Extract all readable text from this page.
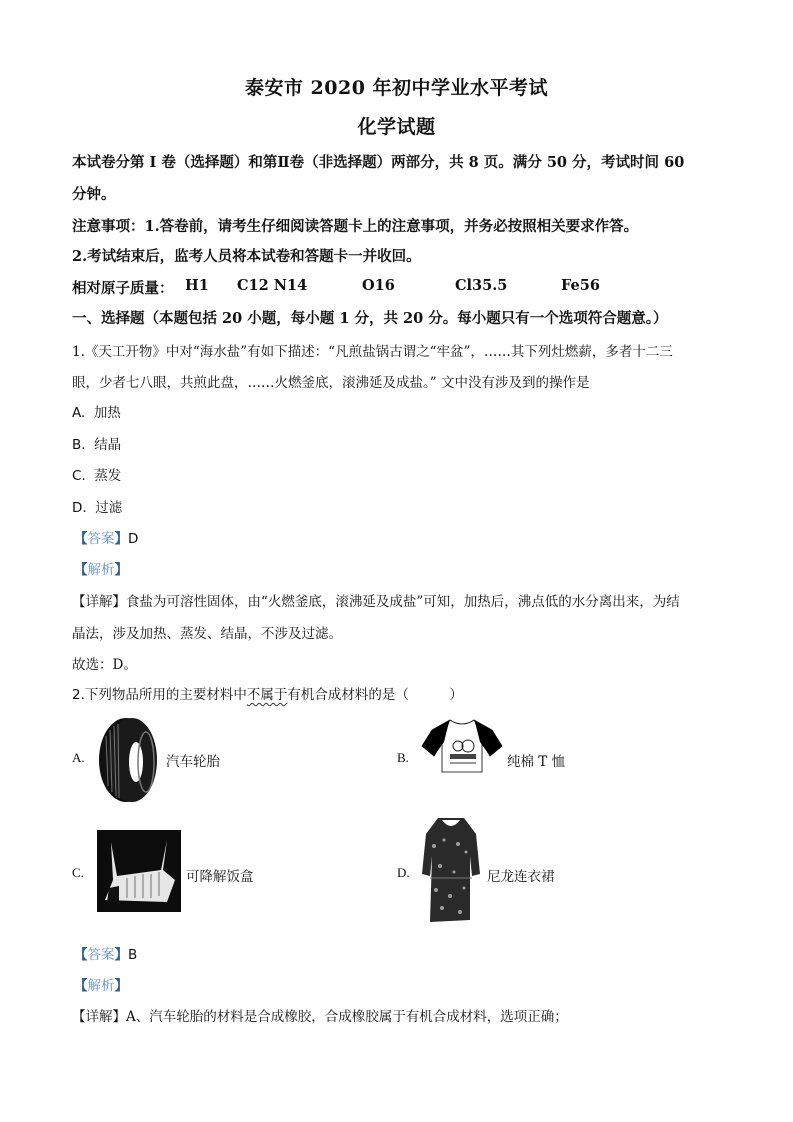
泰安市 2020 年初中学业水平考试
化学试题
本试卷分第 I 卷（选择题）和第Ⅱ卷（非选择题）两部分，共 8 页。满分 50 分，考试时间 60
分钟。
注意事项：1.答卷前，请考生仔细阅读答题卡上的注意事项，并务必按照相关要求作答。
2.考试结束后，监考人员将本试卷和答题卡一并收回。
相对原子质量： H1 C12 N14	O16	Cl35.5	Fe56
一、选择题（本题包括 20 小题，每小题 1 分，共 20 分。每小题只有一个选项符合题意。）
1.《天工开物》中对“海水盐”有如下描述：“凡煎盐锅古谓之“牢盆”，……其下列灶燃薪，多者十二三
眼，少者七八眼，共煎此盘，……火燃釜底，滚沸延及成盐。” 文中没有涉及到的操作是
A. 加热
B. 结晶
C. 蒸发
D. 过滤
【答案】D
【解析】
【详解】食盐为可溶性固体，由“火燃釜底，滚沸延及成盐”可知，加热后，沸点低的水分离出来，为结
晶法，涉及加热、蒸发、结晶，不涉及过滤。
故选：D。
2.下列物品所用的主要材料中不属于有机合成材料的是（　　　）
A.	汽车轮胎	B.	纯棉 T 恤
C.	可降解饭盒	D.	尼龙连衣裙
【答案】B
【解析】
【详解】A、汽车轮胎的材料是合成橡胶，合成橡胶属于有机合成材料，选项正确；
